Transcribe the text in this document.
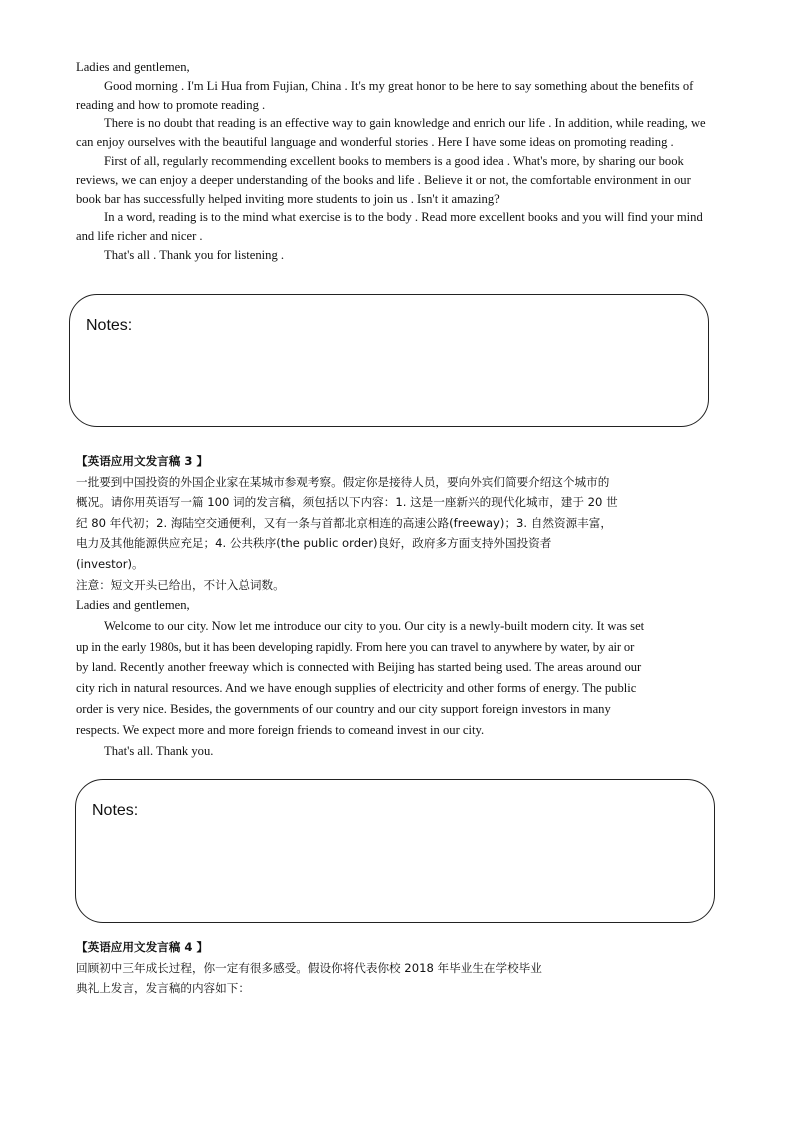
Ladies and gentlemen,

Good morning . I'm Li Hua from Fujian, China . It's my great honor to be here to say something about the benefits of reading and how to promote reading .

There is no doubt that reading is an effective way to gain knowledge and enrich our life . In addition, while reading, we can enjoy ourselves with the beautiful language and wonderful stories . Here I have some ideas on promoting reading .

First of all, regularly recommending excellent books to members is a good idea . What's more, by sharing our book reviews, we can enjoy a deeper understanding of the books and life . Believe it or not, the comfortable environment in our book bar has successfully helped inviting more students to join us . Isn't it amazing?

In a word, reading is to the mind what exercise is to the body . Read more excellent books and you will find your mind and life richer and nicer .

That's all . Thank you for listening .

Notes:

【英语应用文发言稿 3 】

一批要到中国投资的外国企业家在某城市参观考察。假定你是接待人员，要向外宾们简要介绍这个城市的

概况。请你用英语写一篇 100 词的发言稿，须包括以下内容：1. 这是一座新兴的现代化城市，建于 20 世

纪 80 年代初；2. 海陆空交通便利，又有一条与首都北京相连的高速公路(freeway)；3. 自然资源丰富，

电力及其他能源供应充足；4. 公共秩序(the public order)良好，政府多方面支持外国投资者

(investor)。

注意：短文开头已给出，不计入总词数。

Ladies and gentlemen,

Welcome to our city. Now let me introduce our city to you. Our city is a newly-built modern city. It was set

up in the early 1980s, but it has been developing rapidly. From here you can travel to anywhere by water, by air or

by land. Recently another freeway which is connected with Beijing has started being used. The areas around our

city rich in natural resources. And we have enough supplies of electricity and other forms of energy. The public

order is very nice. Besides, the governments of our country and our city support foreign investors in many

respects. We expect more and more foreign friends to comeand invest in our city.

That's all. Thank you.

Notes:

【英语应用文发言稿 4 】

回顾初中三年成长过程，你一定有很多感受。假设你将代表你校 2018 年毕业生在学校毕业

典礼上发言，发言稿的内容如下：
